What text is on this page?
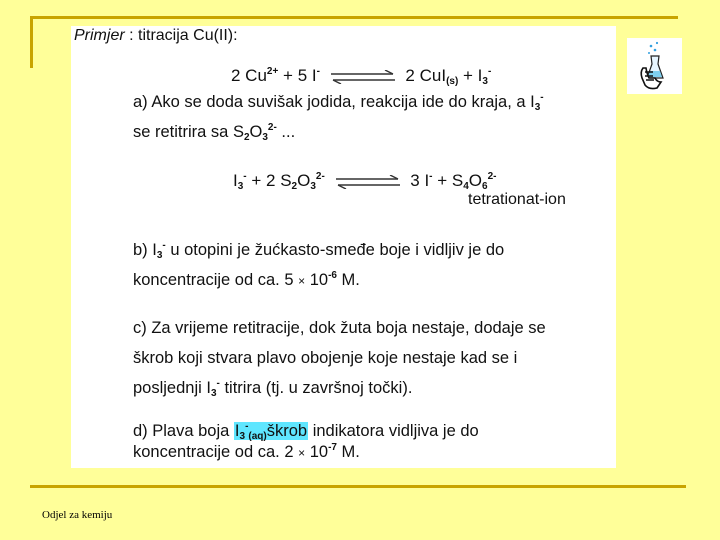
Primjer : titracija Cu(II):
2 $Cu^{2+} + 5$ I- ⇌ 2 $CuI_{(s)} + I_3^-$
a) Ako se doda suvišak jodida, reakcija ide do kraja, a $I_3^-$
se retitrira sa $S_2O_3^{2-}$ ...
$I_3^- + 2$ $S_2O_3^{2-}$ ⇌ 3 $I^- + S_4O_6^{2-}$
tetrationat-ion
b) $I_3^-$ u otopini je žućkasto-smeđe boje i vidljiv je do
koncentracije od ca. $5 \times 10^{-6}$ M.
c) Za vrijeme retitracije, dok žuta boja nestaje, dodaje se
škrob koji stvara plavo obojenje koje nestaje kad se i
posljednji $I_3^-$ titrira (tj. u završnoj točki).
d) Plava boja $I_3^-_{(aq)}škrob$ indikatora vidljiva je do
koncentracije od ca. $2 \times 10^{-7}$ M.
Odjel za kemiju
